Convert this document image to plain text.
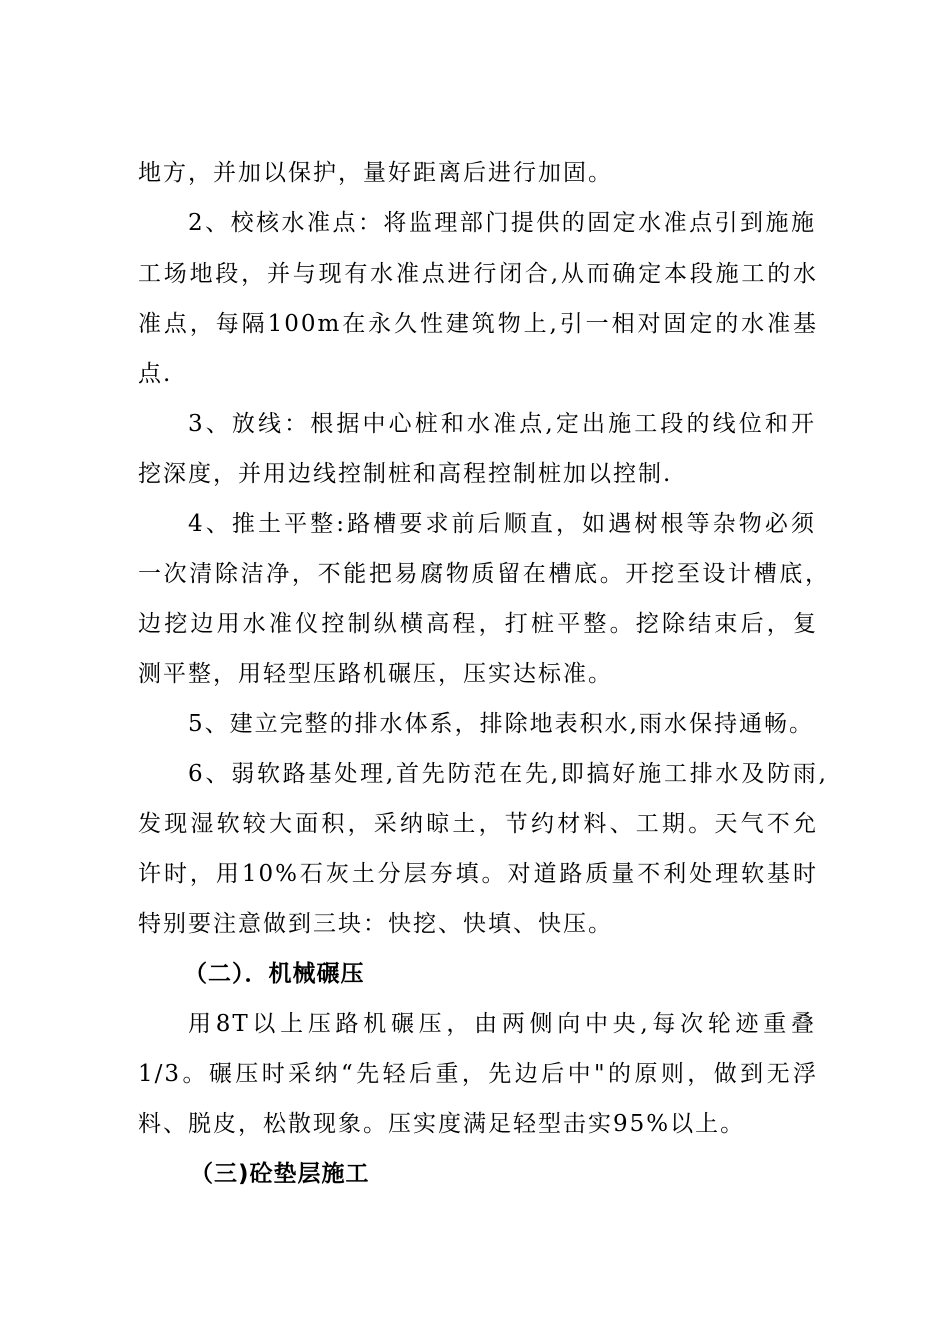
地方，并加以保护，量好距离后进行加固。
2、校核水准点：将监理部门提供的固定水准点引到施施
工场地段，并与现有水准点进行闭合,从而确定本段施工的水
准点，每隔100m在永久性建筑物上,引一相对固定的水准基
点.
3、放线：根据中心桩和水准点,定出施工段的线位和开
挖深度，并用边线控制桩和高程控制桩加以控制.
4、推土平整:路槽要求前后顺直，如遇树根等杂物必须
一次清除洁净，不能把易腐物质留在槽底。开挖至设计槽底，
边挖边用水准仪控制纵横高程，打桩平整。挖除结束后，复
测平整，用轻型压路机碾压，压实达标准。
5、建立完整的排水体系，排除地表积水,雨水保持通畅。
6、弱软路基处理,首先防范在先,即搞好施工排水及防雨,
发现湿软较大面积，采纳晾土，节约材料、工期。天气不允
许时，用10%石灰土分层夯填。对道路质量不利处理软基时
特别要注意做到三块：快挖、快填、快压。
（二）．机械碾压
用8T以上压路机碾压，由两侧向中央,每次轮迹重叠
1/3。碾压时采纳“先轻后重，先边后中"的原则，做到无浮
料、脱皮，松散现象。压实度满足轻型击实95%以上。
（三)砼垫层施工
